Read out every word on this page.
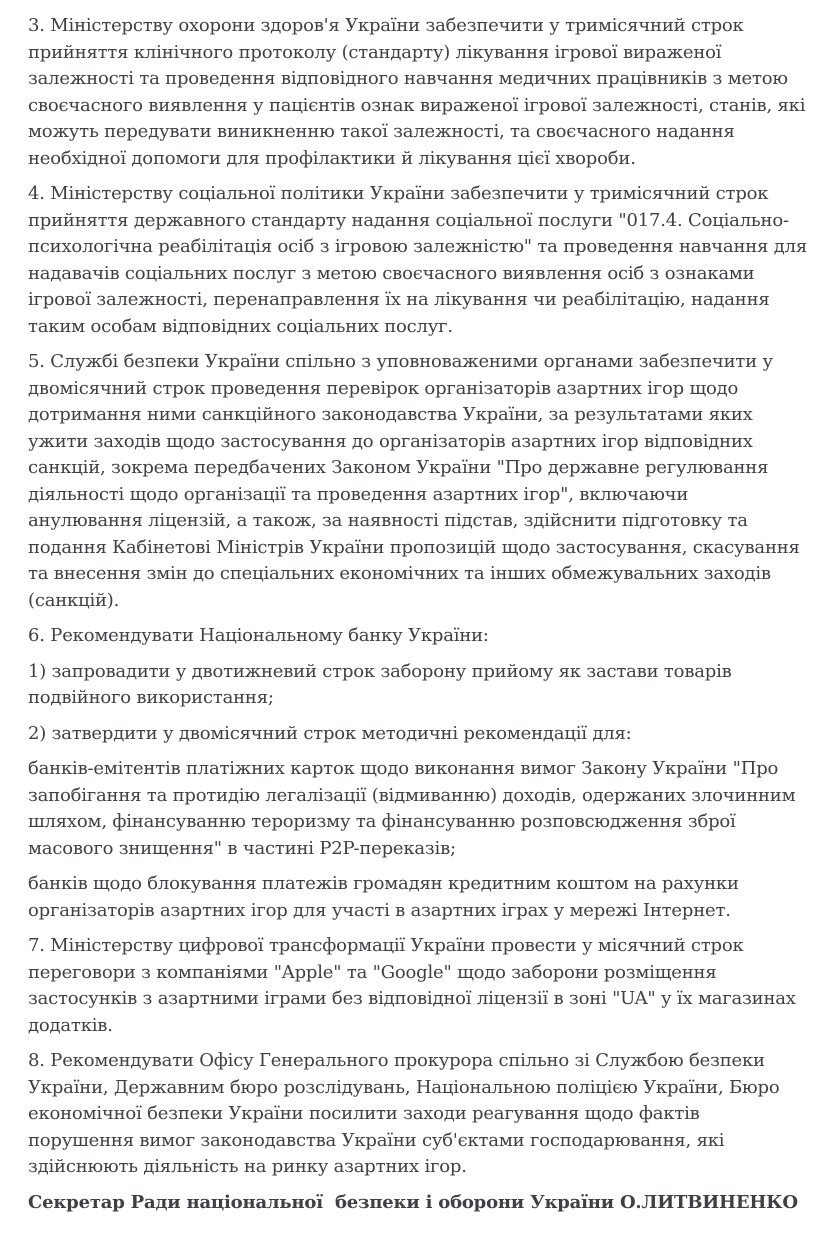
3. Міністерству охорони здоров'я України забезпечити у тримісячний строк прийняття клінічного протоколу (стандарту) лікування ігрової вираженої залежності та проведення відповідного навчання медичних працівників з метою своєчасного виявлення у пацієнтів ознак вираженої ігрової залежності, станів, які можуть передувати виникненню такої залежності, та своєчасного надання необхідної допомоги для профілактики й лікування цієї хвороби.

4. Міністерству соціальної політики України забезпечити у тримісячний строк прийняття державного стандарту надання соціальної послуги "017.4. Соціально-психологічна реабілітація осіб з ігровою залежністю" та проведення навчання для надавачів соціальних послуг з метою своєчасного виявлення осіб з ознаками ігрової залежності, перенаправлення їх на лікування чи реабілітацію, надання таким особам відповідних соціальних послуг.

5. Службі безпеки України спільно з уповноваженими органами забезпечити у двомісячний строк проведення перевірок організаторів азартних ігор щодо дотримання ними санкційного законодавства України, за результатами яких ужити заходів щодо застосування до організаторів азартних ігор відповідних санкцій, зокрема передбачених Законом України "Про державне регулювання діяльності щодо організації та проведення азартних ігор", включаючи анулювання ліцензій, а також, за наявності підстав, здійснити підготовку та подання Кабінетові Міністрів України пропозицій щодо застосування, скасування та внесення змін до спеціальних економічних та інших обмежувальних заходів (санкцій).

6. Рекомендувати Національному банку України:

1) запровадити у двотижневий строк заборону прийому як застави товарів подвійного використання;

2) затвердити у двомісячний строк методичні рекомендації для:

банків-емітентів платіжних карток щодо виконання вимог Закону України "Про запобігання та протидію легалізації (відмиванню) доходів, одержаних злочинним шляхом, фінансуванню тероризму та фінансуванню розповсюдження зброї масового знищення" в частині P2P-переказів;

банків щодо блокування платежів громадян кредитним коштом на рахунки організаторів азартних ігор для участі в азартних іграх у мережі Інтернет.

7. Міністерству цифрової трансформації України провести у місячний строк переговори з компаніями "Apple" та "Google" щодо заборони розміщення застосунків з азартними іграми без відповідної ліцензії в зоні "UA" у їх магазинах додатків.

8. Рекомендувати Офісу Генерального прокурора спільно зі Службою безпеки України, Державним бюро розслідувань, Національною поліцією України, Бюро економічної безпеки України посилити заходи реагування щодо фактів порушення вимог законодавства України суб'єктами господарювання, які здійснюють діяльність на ринку азартних ігор.

Секретар Ради національної  безпеки і оборони України О.ЛИТВИНЕНКО
